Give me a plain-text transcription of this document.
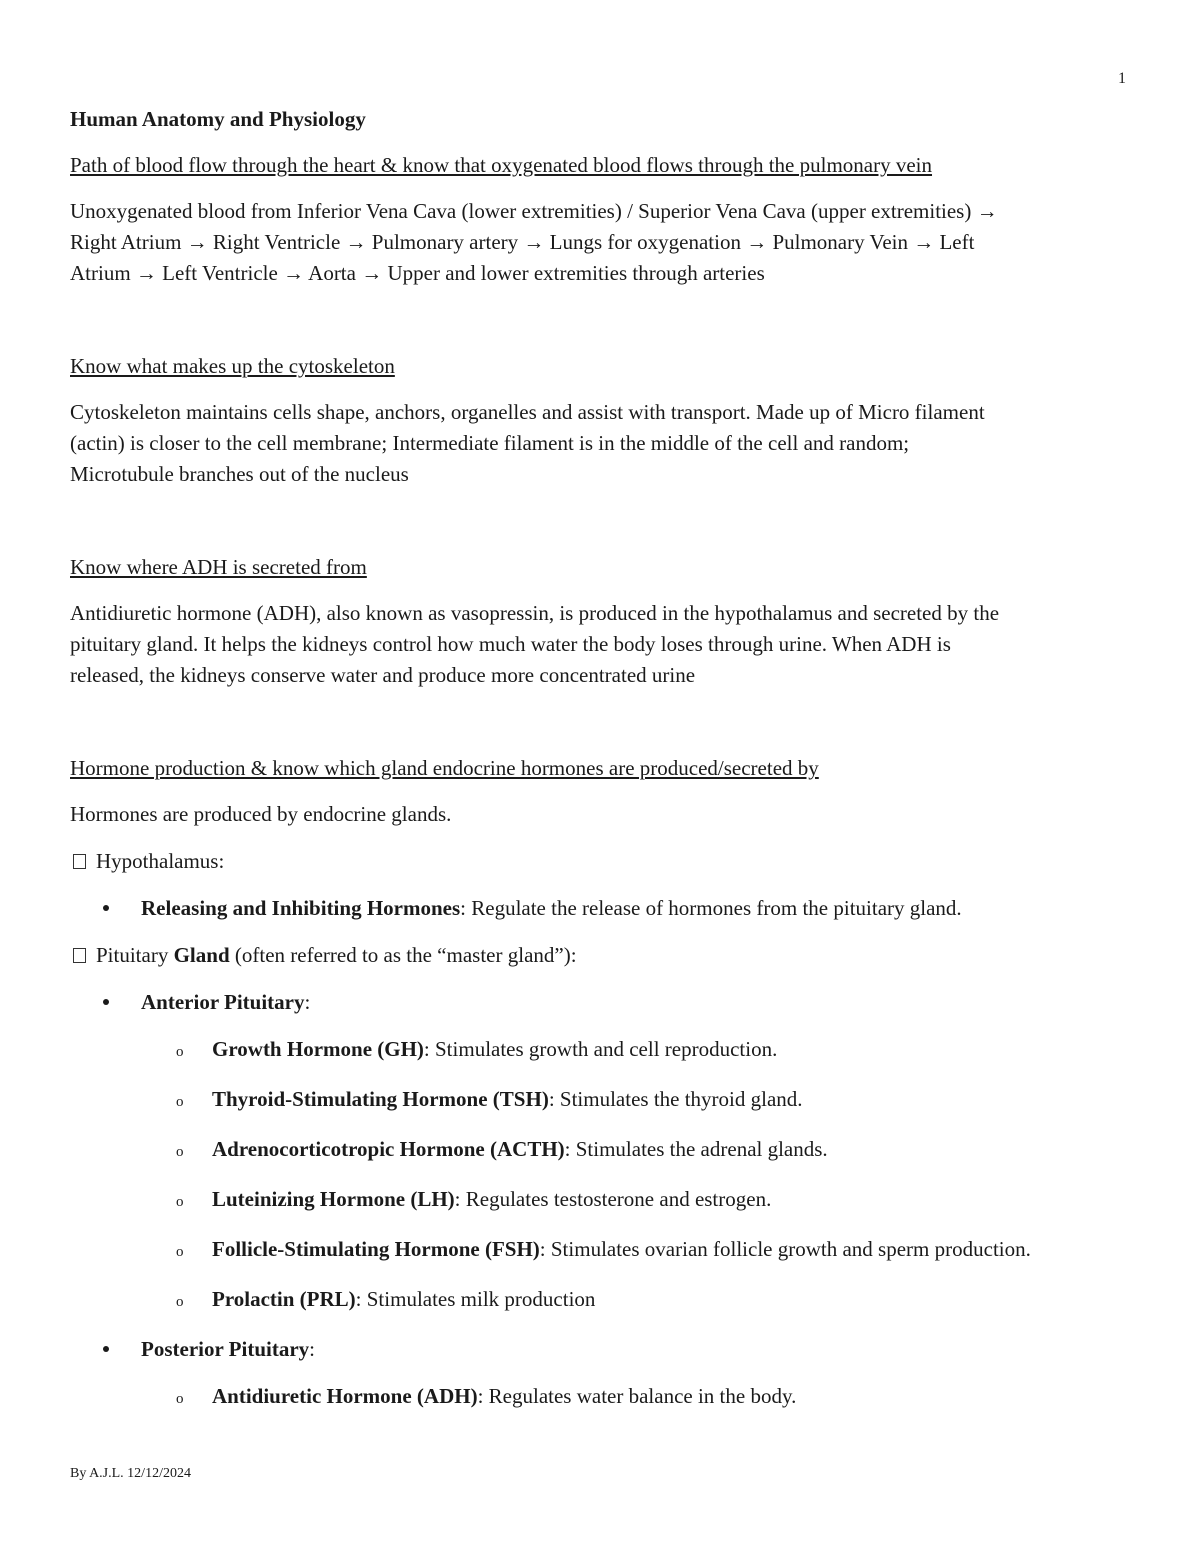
1
Human Anatomy and Physiology
Path of blood flow through the heart & know that oxygenated blood flows through the pulmonary vein
Unoxygenated blood from Inferior Vena Cava (lower extremities) / Superior Vena Cava (upper extremities) →
Right Atrium → Right Ventricle → Pulmonary artery → Lungs for oxygenation → Pulmonary Vein → Left
Atrium → Left Ventricle → Aorta → Upper and lower extremities through arteries
Know what makes up the cytoskeleton
Cytoskeleton maintains cells shape, anchors, organelles and assist with transport. Made up of Micro filament
(actin) is closer to the cell membrane; Intermediate filament is in the middle of the cell and random;
Microtubule branches out of the nucleus
Know where ADH is secreted from
Antidiuretic hormone (ADH), also known as vasopressin, is produced in the hypothalamus and secreted by the
pituitary gland. It helps the kidneys control how much water the body loses through urine. When ADH is
released, the kidneys conserve water and produce more concentrated urine
Hormone production & know which gland endocrine hormones are produced/secreted by
Hormones are produced by endocrine glands.
Hypothalamus:
Releasing and Inhibiting Hormones: Regulate the release of hormones from the pituitary gland.
Pituitary Gland (often referred to as the “master gland”):
Anterior Pituitary:
o	Growth Hormone (GH): Stimulates growth and cell reproduction.
o	Thyroid-Stimulating Hormone (TSH): Stimulates the thyroid gland.
o	Adrenocorticotropic Hormone (ACTH): Stimulates the adrenal glands.
o	Luteinizing Hormone (LH): Regulates testosterone and estrogen.
o	Follicle-Stimulating Hormone (FSH): Stimulates ovarian follicle growth and sperm production.
o	Prolactin (PRL): Stimulates milk production
Posterior Pituitary:
o	Antidiuretic Hormone (ADH): Regulates water balance in the body.
By A.J.L. 12/12/2024
